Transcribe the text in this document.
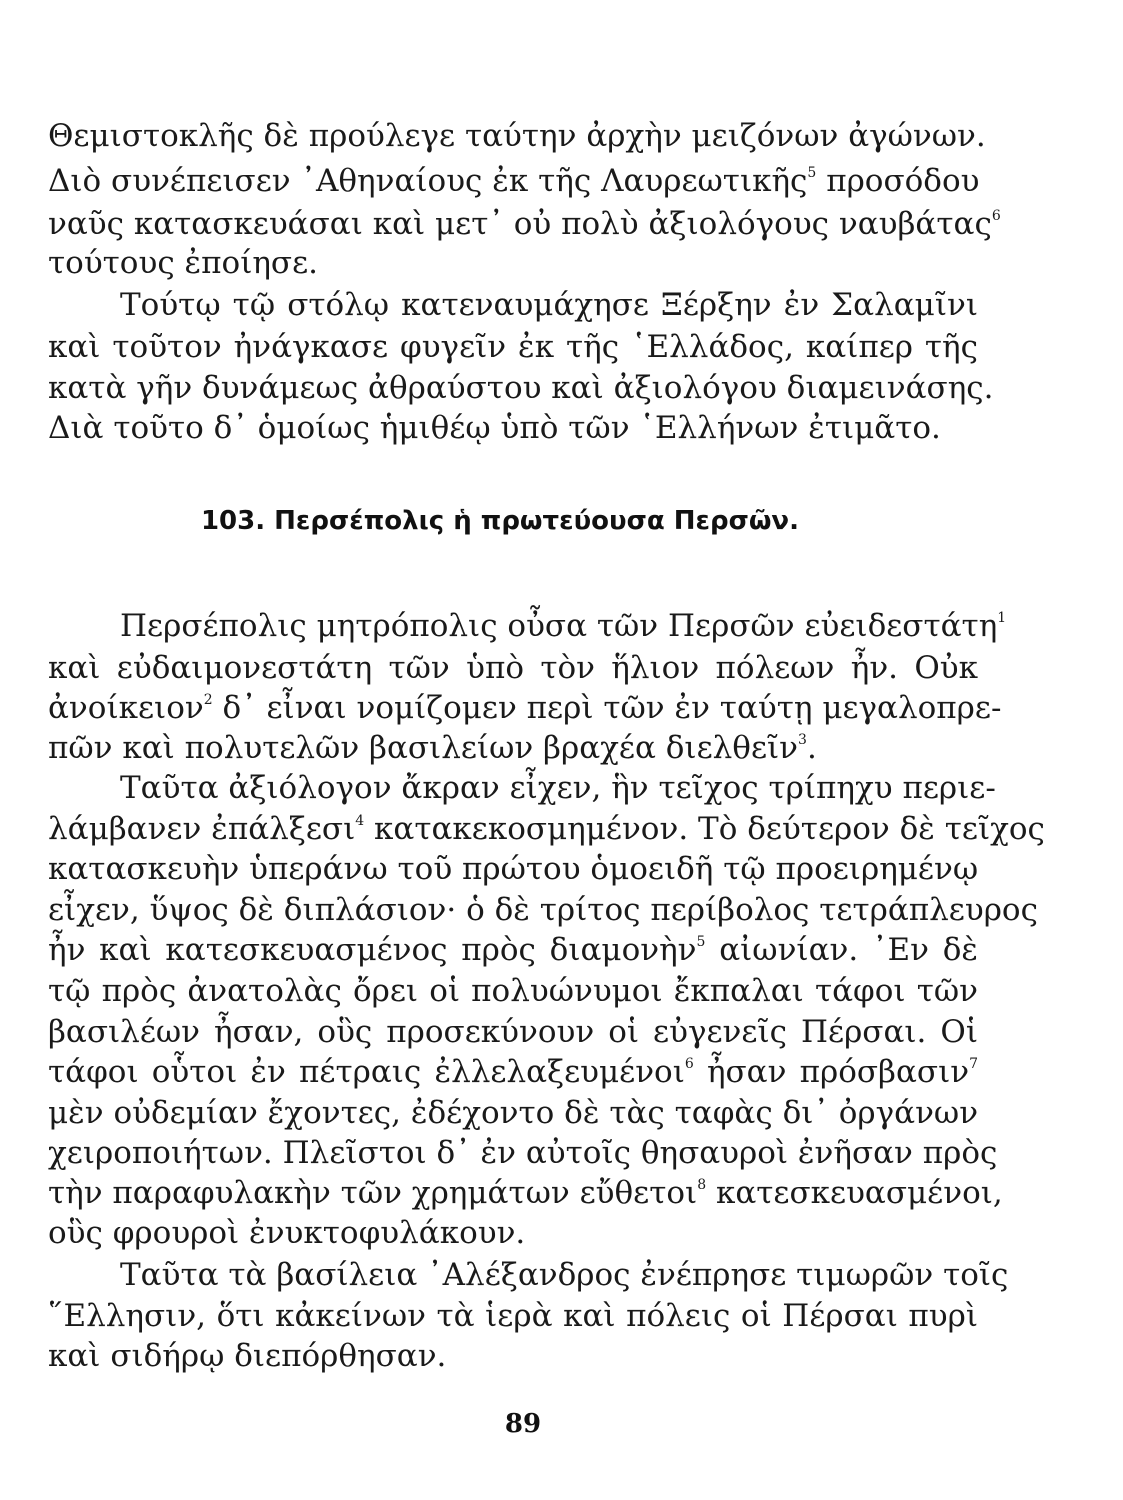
Θεμιστοκλῆς δὲ προύλεγε ταύτην ἀρχὴν μειζόνων ἀγώνων.

Διὸ συνέπεισεν ᾿Αθηναίους ἐκ τῆς Λαυρεωτικῆς$^5$ προσόδου

ναῦς κατασκευάσαι καὶ μετ᾿ οὐ πολὺ ἀξιολόγους ναυβάτας$^6$

τούτους ἐποίησε.

Τούτῳ τῷ στόλῳ κατεναυμάχησε Ξέρξην ἐν Σαλαμῖνι

καὶ τοῦτον ἠνάγκασε φυγεῖν ἐκ τῆς ῾Ελλάδος, καίπερ τῆς

κατὰ γῆν δυνάμεως ἀθραύστου καὶ ἀξιολόγου διαμεινάσης.

Διὰ τοῦτο δ᾿ ὁμοίως ἡμιθέῳ ὑπὸ τῶν ῾Ελλήνων ἐτιμᾶτο.

103. Περσέπολις ἡ πρωτεύουσα Περσῶν.

Περσέπολις μητρόπολις οὖσα τῶν Περσῶν εὐειδεστάτη$^1$

καὶ εὐδαιμονεστάτη τῶν ὑπὸ τὸν ἥλιον πόλεων ἦν. Οὐκ

ἀνοίκειον$^2$ δ᾿ εἶναι νομίζομεν περὶ τῶν ἐν ταύτῃ μεγαλοπρε-

πῶν καὶ πολυτελῶν βασιλείων βραχέα διελθεῖν$^3$.

Ταῦτα ἀξιόλογον ἄκραν εἶχεν, ἣν τεῖχος τρίπηχυ περιε-

λάμβανεν ἐπάλξεσι$^4$ κατακεκοσμημένον. Τὸ δεύτερον δὲ τεῖχος

κατασκευὴν ὑπεράνω τοῦ πρώτου ὁμοειδῆ τῷ προειρημένῳ

εἶχεν, ὕψος δὲ διπλάσιον· ὁ δὲ τρίτος περίβολος τετράπλευρος

ἦν καὶ κατεσκευασμένος πρὸς διαμονὴν$^5$ αἰωνίαν. ᾿Εν δὲ

τῷ πρὸς ἀνατολὰς ὄρει οἱ πολυώνυμοι ἔκπαλαι τάφοι τῶν

βασιλέων ἦσαν, οὓς προσεκύνουν οἱ εὐγενεῖς Πέρσαι. Οἱ

τάφοι οὗτοι ἐν πέτραις ἐλλελαξευμένοι$^6$ ἦσαν πρόσβασιν$^7$

μὲν οὐδεμίαν ἔχοντες, ἐδέχοντο δὲ τὰς ταφὰς δι᾿ ὀργάνων

χειροποιήτων. Πλεῖστοι δ᾿ ἐν αὐτοῖς θησαυροὶ ἐνῆσαν πρὸς

τὴν παραφυλακὴν τῶν χρημάτων εὔθετοι$^8$ κατεσκευασμένοι,

οὓς φρουροὶ ἐνυκτοφυλάκουν.

Ταῦτα τὰ βασίλεια ᾿Αλέξανδρος ἐνέπρησε τιμωρῶν τοῖς

῞Ελλησιν, ὅτι κἀκείνων τὰ ἱερὰ καὶ πόλεις οἱ Πέρσαι πυρὶ

καὶ σιδήρῳ διεπόρθησαν.

89
